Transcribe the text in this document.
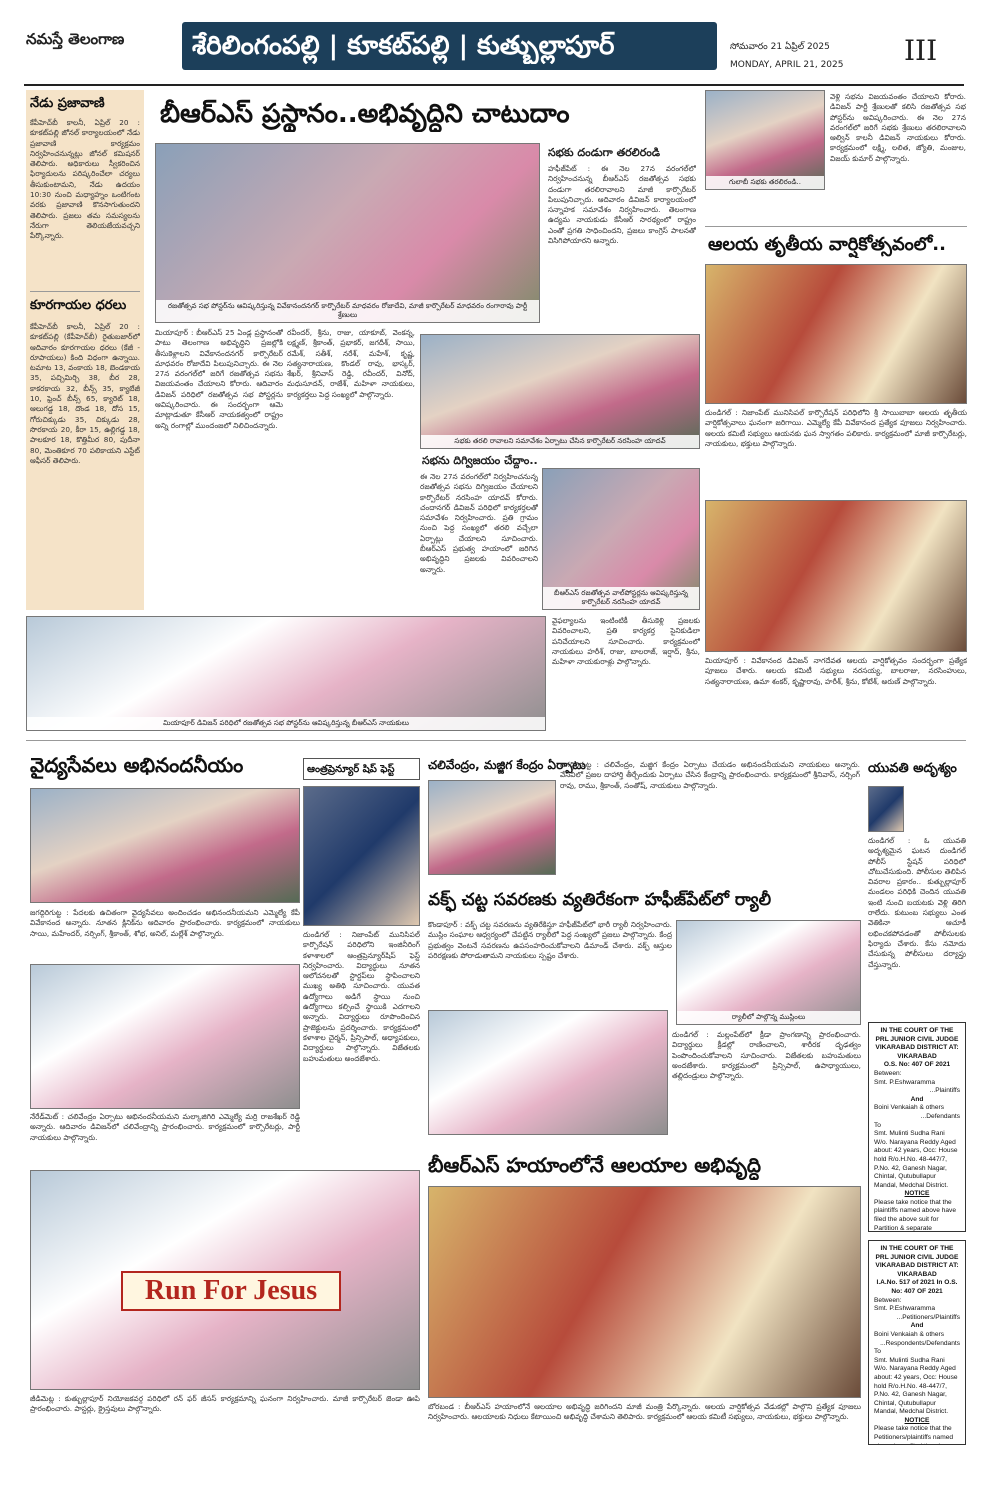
నమస్తే తెలంగాణ	శేరిలింగంపల్లి | కూకట్‌పల్లి | కుత్బుల్లాపూర్	సోమవారం 21 ఏప్రిల్ 2025
MONDAY, APRIL 21, 2025	III
నేడు ప్రజావాణి
కేపీహెచ్‌బీ కాలనీ, ఏప్రిల్ 20 : కూకట్‌పల్లి జోనల్ కార్యాలయంలో నేడు ప్రజావాణి కార్యక్రమం నిర్వహించనున్నట్లు జోనల్ కమిషనర్ తెలిపారు. అధికారులు స్వీకరించిన ఫిర్యాదులను పరిష్కరించేలా చర్యలు తీసుకుంటామని, నేడు ఉదయం 10:30 నుంచి మధ్యాహ్నం ఒంటిగంట వరకు ప్రజావాణి కొనసాగుతుందని తెలిపారు. ప్రజలు తమ సమస్యలను నేరుగా తెలియజేయవచ్చని పేర్కొన్నారు.
కూరగాయల ధరలు
కేపీహెచ్‌బీ కాలనీ, ఏప్రిల్ 20 : కూకట్‌పల్లి (కేపీహెచ్‌బీ) రైతుబజార్‌లో ఆదివారం కూరగాయల ధరలు (కేజీ - రూపాయలు) కింది విధంగా ఉన్నాయి. టమాట 13, వంకాయ 18, బెండకాయ 35, పచ్చిమిర్చి 38, బీర 28, కాకరకాయ 32, బీన్స్ 35, క్యాబేజీ 10, ఫ్రెంచ్ బీన్స్ 65, క్యారెట్ 18, ఆలుగడ్డ 18, దొండ 18, దోస 15, గోరుచిక్కుడు 35, చిక్కుడు 28, సొరకాయ 20, కీరా 15, ఉల్లిగడ్డ 18, పాలకూర 18, కొత్తిమీర 80, పుదీనా 80, మెంతికూర 70 పలికాయని ఎస్టేట్ ఆఫీసర్ తెలిపారు.
బీఆర్‌ఎస్ ప్రస్థానం..అభివృద్ధిని చాటుదాం
రజతోత్సవ సభ పోస్టర్‌ను ఆవిష్కరిస్తున్న వివేకానందనగర్ కార్పొరేటర్ మాధవరం రోజాదేవి, మాజీ కార్పొరేటర్ మాధవరం రంగారావు పార్టీ శ్రేణులు
సభకు దండుగా తరలిరండి
హఫీజ్‌పేట్ : ఈ నెల 27న వరంగల్‌లో నిర్వహించనున్న బీఆర్‌ఎస్ రజతోత్సవ సభకు దండుగా తరలిరావాలని మాజీ కార్పొరేటర్ పిలుపునిచ్చారు. ఆదివారం డివిజన్ కార్యాలయంలో సన్నాహక సమావేశం నిర్వహించారు. తెలంగాణ ఉద్యమ నాయకుడు కేసీఆర్ సారథ్యంలో రాష్ట్రం ఎంతో ప్రగతి సాధించిందని, ప్రజలు కాంగ్రెస్ పాలనతో విసిగిపోయారని అన్నారు.
మియాపూర్ : బీఆర్‌ఎస్ 25 ఏండ్ల ప్రస్థానంతో పాటు తెలంగాణ అభివృద్ధిని ప్రజల్లోకి తీసుకెళ్లాలని వివేకానందనగర్ కార్పొరేటర్ మాధవరం రోజాదేవి పిలుపునిచ్చారు. ఈ నెల 27న వరంగల్‌లో జరిగే రజతోత్సవ సభను విజయవంతం చేయాలని కోరారు. ఆదివారం డివిజన్ పరిధిలో రజతోత్సవ సభ పోస్టర్లను ఆవిష్కరించారు. ఈ సందర్భంగా ఆమె మాట్లాడుతూ కేసీఆర్ నాయకత్వంలో రాష్ట్రం అన్ని రంగాల్లో ముందంజలో నిలిచిందన్నారు.
రవీందర్, శ్రీను, రాజు, యాకూబ్, వెంకన్న, లక్ష్మణ్, శ్రీకాంత్, ప్రభాకర్, జగదీశ్, సాయి, రమేశ్, సతీశ్, నరేశ్, మహేశ్, కృష్ణ, సత్యనారాయణ, కొండల్ రావు, భాస్కర్, శేఖర్, శ్రీనివాస్ రెడ్డి, రవీందర్, వినోద్, మధుసూదన్, రాజేశ్, మహిళా నాయకులు, కార్యకర్తలు పెద్ద సంఖ్యలో పాల్గొన్నారు.
సభకు తరలి రావాలని సమావేశం ఏర్పాటు చేసిన కార్పొరేటర్ నరసింహ యాదవ్
సభను దిగ్విజయం చేద్దాం..
ఈ నెల 27న వరంగల్‌లో నిర్వహించనున్న రజతోత్సవ సభను దిగ్విజయం చేయాలని కార్పొరేటర్ నరసింహ యాదవ్ కోరారు. చందానగర్ డివిజన్ పరిధిలో కార్యకర్తలతో సమావేశం నిర్వహించారు. ప్రతి గ్రామం నుంచి పెద్ద సంఖ్యలో తరలి వచ్చేలా ఏర్పాట్లు చేయాలని సూచించారు. బీఆర్‌ఎస్ ప్రభుత్వ హయాంలో జరిగిన అభివృద్ధిని ప్రజలకు వివరించాలని అన్నారు.
బీఆర్‌ఎస్ రజతోత్సవ వాల్‌పోస్టర్లను ఆవిష్కరిస్తున్న కార్పొరేటర్ నరసింహ యాదవ్
మియాపూర్ డివిజన్ పరిధిలో రజతోత్సవ సభ పోస్టర్‌ను ఆవిష్కరిస్తున్న బీఆర్‌ఎస్ నాయకులు
వైఫల్యాలను ఇంటింటికీ తీసుకెళ్లి ప్రజలకు వివరించాలని, ప్రతి కార్యకర్త సైనికుడిలా పనిచేయాలని సూచించారు. కార్యక్రమంలో నాయకులు హరీశ్, రాజు, బాలరాజ్, ఇర్షాద్, శ్రీను, మహిళా నాయకురాళ్లు పాల్గొన్నారు.
గులాబీ సభకు తరలిరండి..
వెళ్లి సభను విజయవంతం చేయాలని కోరారు. డివిజన్ పార్టీ శ్రేణులతో కలిసి రజతోత్సవ సభ పోస్టర్‌ను ఆవిష్కరించారు. ఈ నెల 27న వరంగల్‌లో జరిగే సభకు శ్రేణులు తరలిరావాలని ఆల్విన్ కాలనీ డివిజన్ నాయకులు కోరారు. కార్యక్రమంలో లక్ష్మి, లలిత, జ్యోతి, మంజుల, విజయ్ కుమార్ పాల్గొన్నారు.
ఆలయ తృతీయ వార్షికోత్సవంలో..
దుండిగల్ : నిజాంపేట్ మునిసిపల్ కార్పొరేషన్ పరిధిలోని శ్రీ సాయిబాబా ఆలయ తృతీయ వార్షికోత్సవాలు ఘనంగా జరిగాయి. ఎమ్మెల్యే కేపీ వివేకానంద ప్రత్యేక పూజలు నిర్వహించారు. ఆలయ కమిటీ సభ్యులు ఆయనకు ఘన స్వాగతం పలికారు. కార్యక్రమంలో మాజీ కార్పొరేటర్లు, నాయకులు, భక్తులు పాల్గొన్నారు.
మియాపూర్ : వివేకానంద డివిజన్ నాగదేవత ఆలయ వార్షికోత్సవం సందర్భంగా ప్రత్యేక పూజలు చేశారు. ఆలయ కమిటీ సభ్యులు నరసయ్య, బాలరాజు, నరసింహులు, సత్యనారాయణ, ఉమా శంకర్, కృష్ణారావు, హరీశ్, శ్రీను, కోటేశ్, అరుణ్ పాల్గొన్నారు.
వైద్యసేవలు అభినందనీయం
జగద్గిరిగుట్ట : పేదలకు ఉచితంగా వైద్యసేవలు అందించడం అభినందనీయమని ఎమ్మెల్యే కేపీ వివేకానంద అన్నారు. నూతన క్లినిక్‌ను ఆదివారం ప్రారంభించారు. కార్యక్రమంలో నాయకులు సాయి, మహేందర్, నర్సింగ్, శ్రీకాంత్, శోభ, అనిల్, మల్లేశ్ పాల్గొన్నారు.
నేరేడ్‌మెట్ : చలివేంద్రం ఏర్పాటు అభినందనీయమని మల్కాజిగిరి ఎమ్మెల్యే మర్రి రాజశేఖర్ రెడ్డి అన్నారు. ఆదివారం డివిజన్‌లో చలివేంద్రాన్ని ప్రారంభించారు. కార్యక్రమంలో కార్పొరేటర్లు, పార్టీ నాయకులు పాల్గొన్నారు.
Run For Jesus
జీడిమెట్ల : కుత్బుల్లాపూర్ నియోజకవర్గ పరిధిలో రన్ ఫర్ జీసస్ కార్యక్రమాన్ని ఘనంగా నిర్వహించారు. మాజీ కార్పొరేటర్ జెండా ఊపి ప్రారంభించారు. పాస్టర్లు, క్రైస్తవులు పాల్గొన్నారు.
ఆంత్రప్రెన్యూర్ షిప్ ఫెస్ట్
దుండిగల్ : నిజాంపేట్ మునిసిపల్ కార్పొరేషన్ పరిధిలోని ఇంజినీరింగ్ కళాశాలలో ఆంత్రప్రెన్యూర్‌షిప్ ఫెస్ట్ నిర్వహించారు. విద్యార్థులు నూతన ఆలోచనలతో స్టార్టప్‌లు స్థాపించాలని ముఖ్య అతిథి సూచించారు. యువత ఉద్యోగాలు అడిగే స్థాయి నుంచి ఉద్యోగాలు కల్పించే స్థాయికి ఎదగాలని అన్నారు. విద్యార్థులు రూపొందించిన ప్రాజెక్టులను ప్రదర్శించారు. కార్యక్రమంలో కళాశాల చైర్మన్, ప్రిన్సిపాల్, అధ్యాపకులు, విద్యార్థులు పాల్గొన్నారు. విజేతలకు బహుమతులు అందజేశారు.
చలివేంద్రం, మజ్జిగ కేంద్రం ఏర్పాటు
జగద్గిరిగుట్ట : చలివేంద్రం, మజ్జిగ కేంద్రం ఏర్పాటు చేయడం అభినందనీయమని నాయకులు అన్నారు. వేసవిలో ప్రజల దాహార్తి తీర్చేందుకు ఏర్పాటు చేసిన కేంద్రాన్ని ప్రారంభించారు. కార్యక్రమంలో శ్రీనివాస్, నర్సింగ్ రావు, రాము, శ్రీకాంత్, సంతోష్, నాయకులు పాల్గొన్నారు.
వక్ఫ్ చట్ట సవరణకు వ్యతిరేకంగా హఫీజ్‌పేట్‌లో ర్యాలీ
కొండాపూర్ : వక్ఫ్ చట్ట సవరణను వ్యతిరేకిస్తూ హఫీజ్‌పేట్‌లో భారీ ర్యాలీ నిర్వహించారు. ముస్లిం సంఘాల ఆధ్వర్యంలో చేపట్టిన ర్యాలీలో పెద్ద సంఖ్యలో ప్రజలు పాల్గొన్నారు. కేంద్ర ప్రభుత్వం వెంటనే సవరణను ఉపసంహరించుకోవాలని డిమాండ్ చేశారు. వక్ఫ్ ఆస్తుల పరిరక్షణకు పోరాడుతామని నాయకులు స్పష్టం చేశారు.
ర్యాలీలో పాల్గొన్న ముస్లింలు
దుండిగల్ : మల్లంపేట్‌లో క్రీడా ప్రాంగణాన్ని ప్రారంభించారు. విద్యార్థులు క్రీడల్లో రాణించాలని, శారీరక దృఢత్వం పెంపొందించుకోవాలని సూచించారు. విజేతలకు బహుమతులు అందజేశారు. కార్యక్రమంలో ప్రిన్సిపాల్, ఉపాధ్యాయులు, తల్లిదండ్రులు పాల్గొన్నారు.
బీఆర్‌ఎస్ హయాంలోనే ఆలయాల అభివృద్ధి
బోరబండ : బీఆర్‌ఎస్ హయాంలోనే ఆలయాల అభివృద్ధి జరిగిందని మాజీ మంత్రి పేర్కొన్నారు. ఆలయ వార్షికోత్సవ వేడుకల్లో పాల్గొని ప్రత్యేక పూజలు నిర్వహించారు. ఆలయాలకు నిధులు కేటాయించి అభివృద్ధి చేశామని తెలిపారు. కార్యక్రమంలో ఆలయ కమిటీ సభ్యులు, నాయకులు, భక్తులు పాల్గొన్నారు.
యువతి అదృశ్యం
దుండిగల్ : ఓ యువతి అదృశ్యమైన ఘటన దుండిగల్ పోలీస్ స్టేషన్ పరిధిలో చోటుచేసుకుంది. పోలీసుల తెలిపిన వివరాల ప్రకారం.. కుత్బుల్లాపూర్ మండలం పరిధికి చెందిన యువతి ఇంటి నుంచి బయటకు వెళ్లి తిరిగి రాలేదు. కుటుంబ సభ్యులు ఎంత వెతికినా ఆచూకీ లభించకపోవడంతో పోలీసులకు ఫిర్యాదు చేశారు. కేసు నమోదు చేసుకున్న పోలీసులు దర్యాప్తు చేస్తున్నారు.
IN THE COURT OF THE PRL JUNIOR CIVIL JUDGE VIKARABAD DISTRICT AT: VIKARABAD
O.S. No: 407 OF 2021
Between:
Smt. P.Eshwaramma
...Plaintiffs
And
Boini Venkaiah & others
...Defendants
To
Smt. Mulinti Sudha Rani W/o. Narayana Reddy Aged about: 42 years, Occ: House hold R/o.H.No. 48-447/7, P.No. 42, Ganesh Nagar, Chintal, Qutubullapur Mandal, Medchal District.
NOTICE
Please take notice that the plaintiffs named above have filed the above suit for Partition & separate
IN THE COURT OF THE PRL JUNIOR CIVIL JUDGE VIKARABAD DISTRICT AT: VIKARABAD
I.A.No. 517 of 2021 In O.S. No: 407 OF 2021
Between:
Smt. P.Eshwaramma
...Petitioners/Plaintiffs
And
Boini Venkaiah & others
...Respondents/Defendants
To
Smt. Mulinti Sudha Rani W/o. Narayana Reddy Aged about: 42 years, Occ: House hold R/o.H.No. 48-447/7, P.No. 42, Ganesh Nagar, Chintal, Qutubullapur Mandal, Medchal District.
NOTICE
Please take notice that the Petitioners/plaintiffs named
